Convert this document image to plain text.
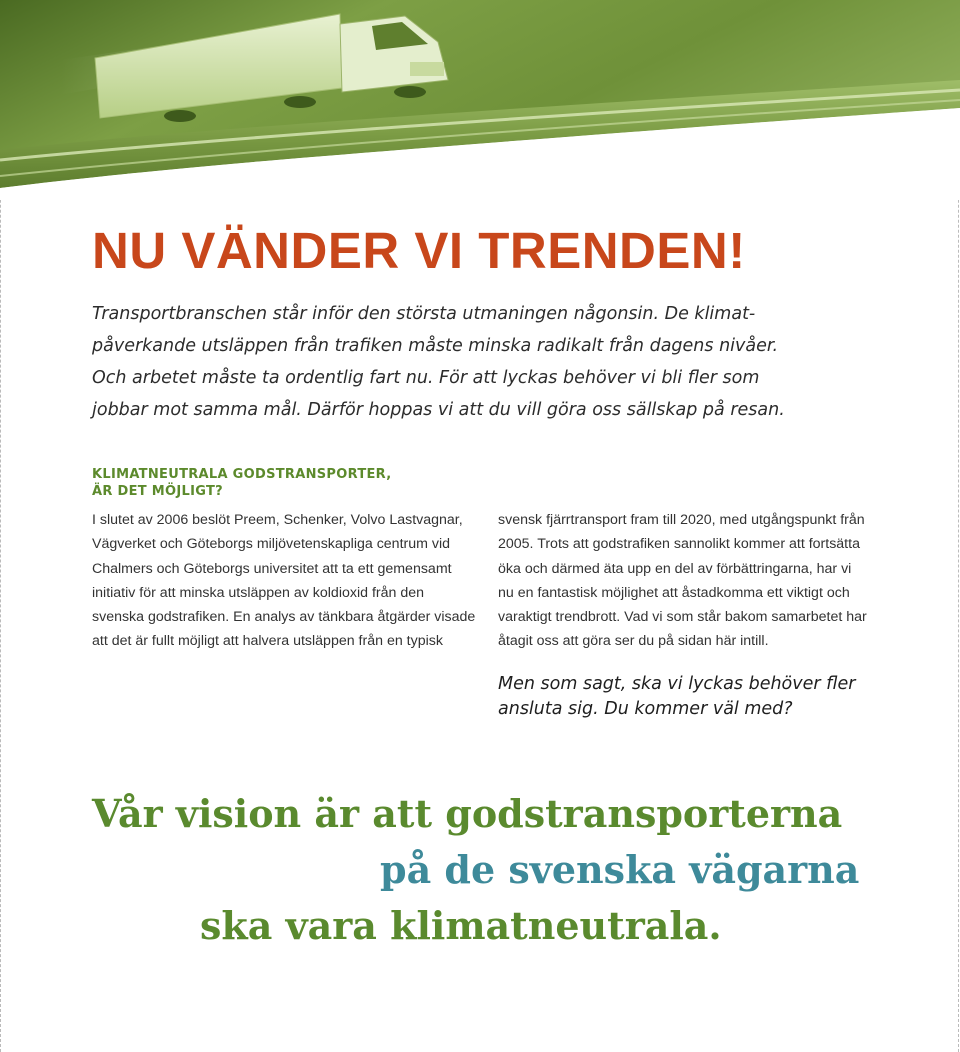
NU VÄNDER VI TRENDEN!
Transportbranschen står inför den största utmaningen någonsin. De klimat-
påverkande utsläppen från trafiken måste minska radikalt från dagens nivåer.
Och arbetet måste ta ordentlig fart nu. För att lyckas behöver vi bli fler som
jobbar mot samma mål. Därför hoppas vi att du vill göra oss sällskap på resan.
KLIMATNEUTRALA GODSTRANSPORTER,
ÄR DET MÖJLIGT?
I slutet av 2006 beslöt Preem, Schenker, Volvo Lastvagnar,
Vägverket och Göteborgs miljövetenskapliga centrum vid
Chalmers och Göteborgs universitet att ta ett gemensamt
initiativ för att minska utsläppen av koldioxid från den
svenska godstrafiken. En analys av tänkbara åtgärder visade
att det är fullt möjligt att halvera utsläppen från en typisk
svensk fjärrtransport fram till 2020, med utgångspunkt från
2005. Trots att godstrafiken sannolikt kommer att fortsätta
öka och därmed äta upp en del av förbättringarna, har vi
nu en fantastisk möjlighet att åstadkomma ett viktigt och
varaktigt trendbrott. Vad vi som står bakom samarbetet har
åtagit oss att göra ser du på sidan här intill.
Men som sagt, ska vi lyckas behöver fler
ansluta sig. Du kommer väl med?

Vår vision är att godstransporterna

på de svenska vägarna

ska vara klimatneutrala.
